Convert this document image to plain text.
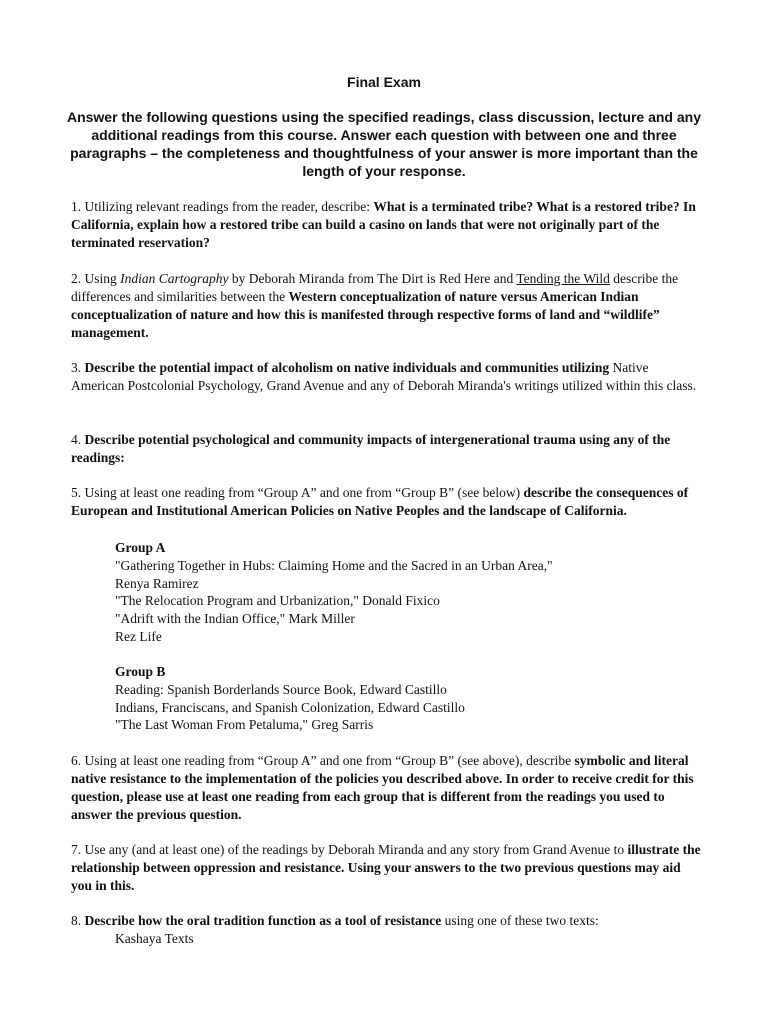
Final Exam
Answer the following questions using the specified readings, class discussion, lecture and any additional readings from this course. Answer each question with between one and three paragraphs – the completeness and thoughtfulness of your answer is more important than the length of your response.
1. Utilizing relevant readings from the reader, describe: What is a terminated tribe? What is a restored tribe? In California, explain how a restored tribe can build a casino on lands that were not originally part of the terminated reservation?
2. Using Indian Cartography by Deborah Miranda from The Dirt is Red Here and Tending the Wild describe the differences and similarities between the Western conceptualization of nature versus American Indian conceptualization of nature and how this is manifested through respective forms of land and “wildlife” management.
3. Describe the potential impact of alcoholism on native individuals and communities utilizing Native American Postcolonial Psychology, Grand Avenue and any of Deborah Miranda's writings utilized within this class.
4. Describe potential psychological and community impacts of intergenerational trauma using any of the readings:
5. Using at least one reading from “Group A” and one from “Group B” (see below) describe the consequences of European and Institutional American Policies on Native Peoples and the landscape of California.
Group A
"Gathering Together in Hubs: Claiming Home and the Sacred in an Urban Area,"
Renya Ramirez
"The Relocation Program and Urbanization," Donald Fixico
"Adrift with the Indian Office," Mark Miller
Rez Life
Group B
Reading: Spanish Borderlands Source Book, Edward Castillo
Indians, Franciscans, and Spanish Colonization, Edward Castillo
"The Last Woman From Petaluma," Greg Sarris
6. Using at least one reading from “Group A” and one from “Group B” (see above), describe symbolic and literal native resistance to the implementation of the policies you described above. In order to receive credit for this question, please use at least one reading from each group that is different from the readings you used to answer the previous question.
7. Use any (and at least one) of the readings by Deborah Miranda and any story from Grand Avenue to illustrate the relationship between oppression and resistance. Using your answers to the two previous questions may aid you in this.
8. Describe how the oral tradition function as a tool of resistance using one of these two texts:
Kashaya Texts
